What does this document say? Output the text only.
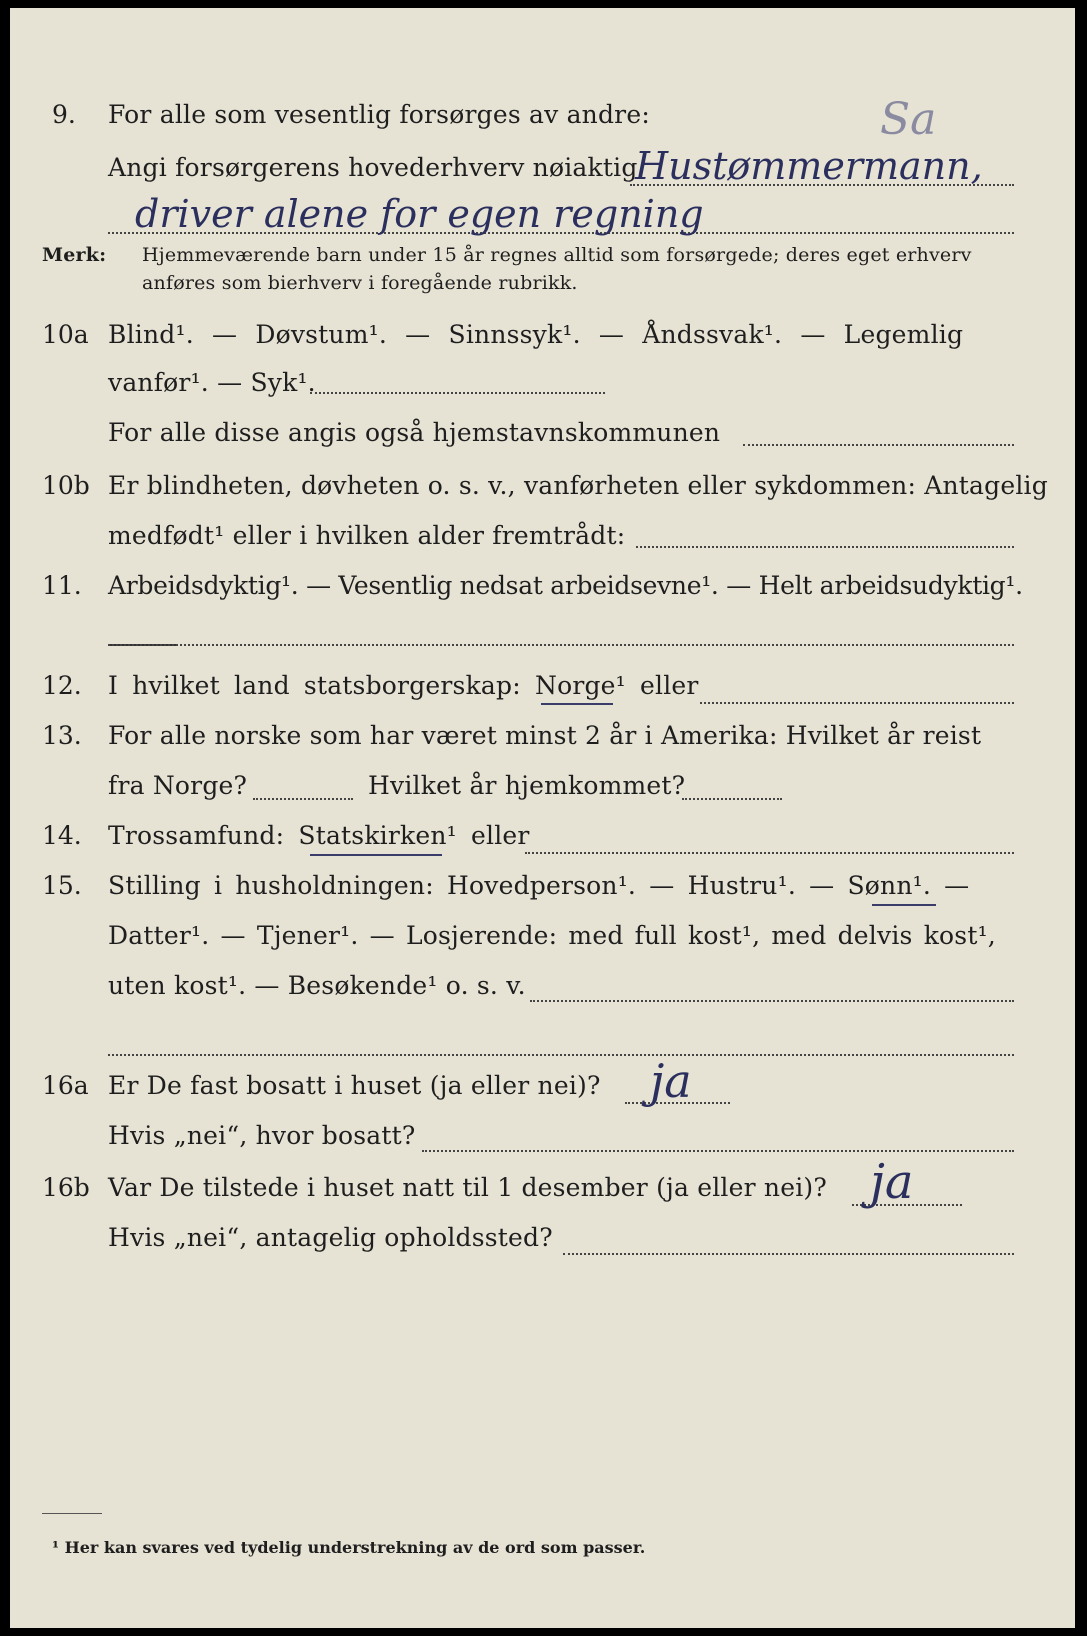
Sa
9. For alle som vesentlig forsørges av andre:
Angi forsørgerens hovederhverv nøiaktig
Hustømmermann,
driver alene for egen regning
Merk: Hjemmeværende barn under 15 år regnes alltid som forsørgede; deres eget erhverv
anføres som bierhverv i foregående rubrikk.
10a Blind¹. — Døvstum¹. — Sinnssyk¹. — Åndssvak¹. — Legemlig
vanfør¹. — Syk¹.
For alle disse angis også hjemstavnskommunen
10b Er blindheten, døvheten o. s. v., vanførheten eller sykdommen: Antagelig
medfødt¹ eller i hvilken alder fremtrådt:
11. Arbeidsdyktig¹. — Vesentlig nedsat arbeidsevne¹. — Helt arbeidsudyktig¹.
12. I hvilket land statsborgerskap: Norge¹ eller
13. For alle norske som har været minst 2 år i Amerika: Hvilket år reist
fra Norge?	Hvilket år hjemkommet?
14. Trossamfund: Statskirken¹ eller
15. Stilling i husholdningen: Hovedperson¹. — Hustru¹. — Sønn¹. —
Datter¹. — Tjener¹. — Losjerende: med full kost¹, med delvis kost¹,
uten kost¹. — Besøkende¹ o. s. v.
16a Er De fast bosatt i huset (ja eller nei)? ja
Hvis „nei“, hvor bosatt?
16b Var De tilstede i huset natt til 1 desember (ja eller nei)? ja
Hvis „nei“, antagelig opholdssted?
¹ Her kan svares ved tydelig understrekning av de ord som passer.
